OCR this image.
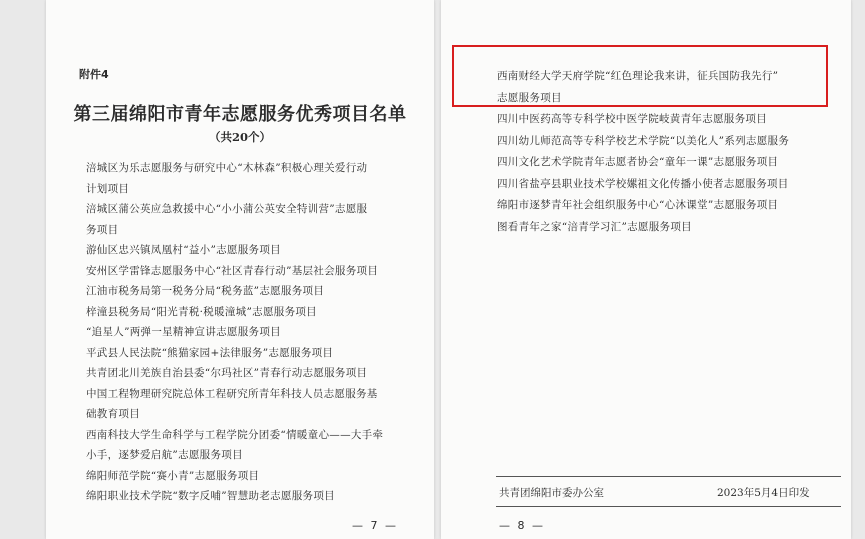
附件4
第三届绵阳市青年志愿服务优秀项目名单
（共20个）
涪城区为乐志愿服务与研究中心“木林森”积极心理关爱行动
计划项目
涪城区蒲公英应急救援中心“小小蒲公英安全特训营”志愿服
务项目
游仙区忠兴镇凤凰村“益小”志愿服务项目
安州区学雷锋志愿服务中心“社区青春行动”基层社会服务项目
江油市税务局第一税务分局“税务蓝”志愿服务项目
梓潼县税务局“阳光青税·税暖潼城”志愿服务项目
“追星人”两弹一星精神宣讲志愿服务项目
平武县人民法院“熊猫家园+法律服务”志愿服务项目
共青团北川羌族自治县委“尔玛社区”青春行动志愿服务项目
中国工程物理研究院总体工程研究所青年科技人员志愿服务基
础教育项目
西南科技大学生命科学与工程学院分团委“情暖童心——大手牵
小手，逐梦爱启航”志愿服务项目
绵阳师范学院“赛小青”志愿服务项目
绵阳职业技术学院“数字反哺”智慧助老志愿服务项目
— 7 —
西南财经大学天府学院“红色理论我来讲，征兵国防我先行”
志愿服务项目
四川中医药高等专科学校中医学院岐黄青年志愿服务项目
四川幼儿师范高等专科学校艺术学院“以美化人”系列志愿服务
四川文化艺术学院青年志愿者协会“童年一课”志愿服务项目
四川省盐亭县职业技术学校嫘祖文化传播小使者志愿服务项目
绵阳市逐梦青年社会组织服务中心“心沐课堂”志愿服务项目
图看青年之家“涪青学习汇”志愿服务项目
共青团绵阳市委办公室	2023年5月4日印发
— 8 —
